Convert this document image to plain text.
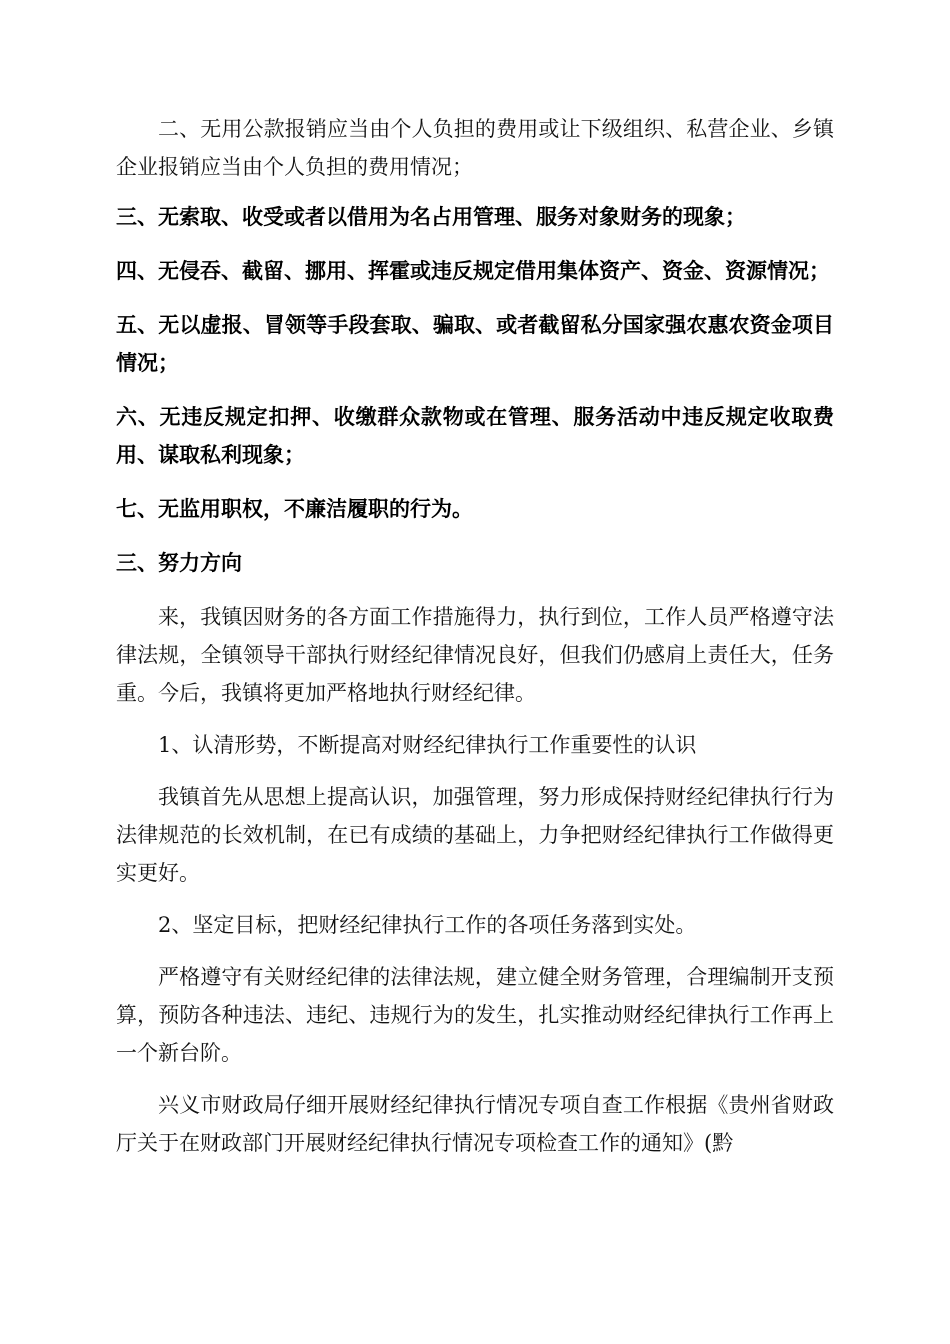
二、无用公款报销应当由个人负担的费用或让下级组织、私营企业、乡镇企业报销应当由个人负担的费用情况；

三、无索取、收受或者以借用为名占用管理、服务对象财务的现象；

四、无侵吞、截留、挪用、挥霍或违反规定借用集体资产、资金、资源情况；

五、无以虚报、冒领等手段套取、骗取、或者截留私分国家强农惠农资金项目情况；

六、无违反规定扣押、收缴群众款物或在管理、服务活动中违反规定收取费用、谋取私利现象；

七、无监用职权，不廉洁履职的行为。

三、努力方向

来，我镇因财务的各方面工作措施得力，执行到位，工作人员严格遵守法律法规，全镇领导干部执行财经纪律情况良好，但我们仍感肩上责任大，任务重。今后，我镇将更加严格地执行财经纪律。

1、认清形势，不断提高对财经纪律执行工作重要性的认识

我镇首先从思想上提高认识，加强管理，努力形成保持财经纪律执行行为法律规范的长效机制，在已有成绩的基础上，力争把财经纪律执行工作做得更实更好。

2、坚定目标，把财经纪律执行工作的各项任务落到实处。

严格遵守有关财经纪律的法律法规，建立健全财务管理，合理编制开支预算，预防各种违法、违纪、违规行为的发生，扎实推动财经纪律执行工作再上一个新台阶。

兴义市财政局仔细开展财经纪律执行情况专项自查工作根据《贵州省财政厅关于在财政部门开展财经纪律执行情况专项检查工作的通知》(黔
